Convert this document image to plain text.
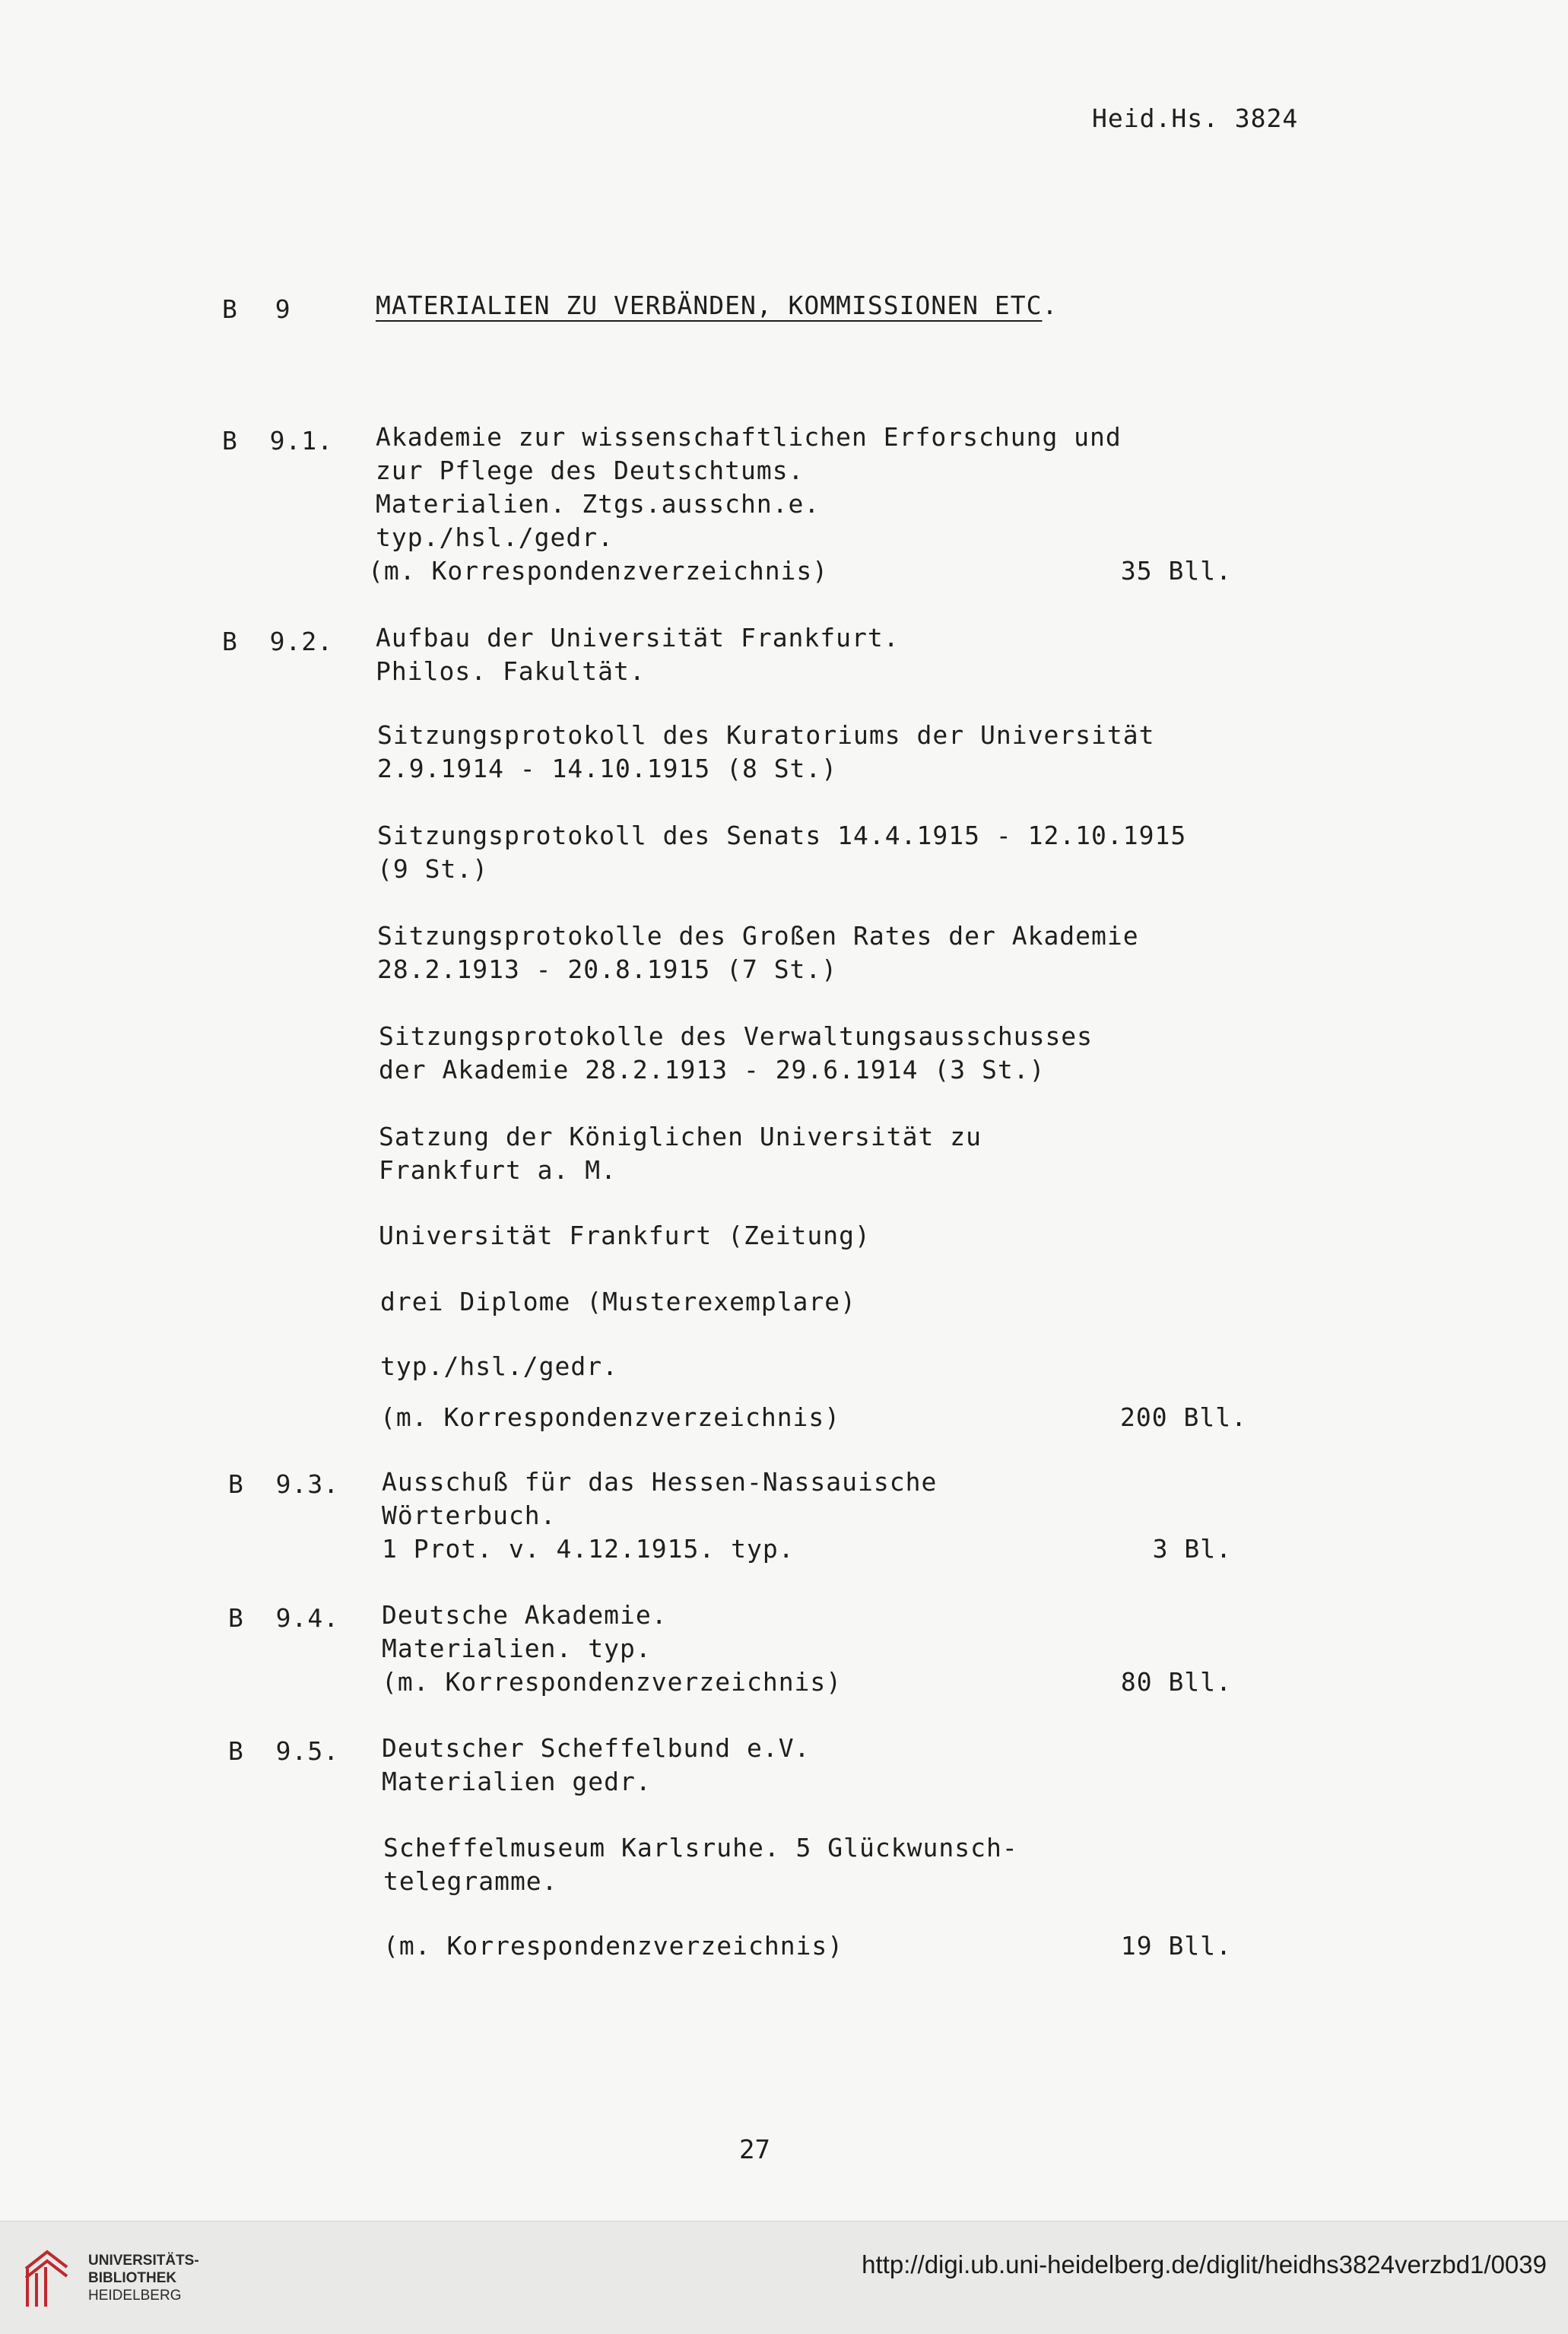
Heid.Hs. 3824
B 9	MATERIALIEN ZU VERBÄNDEN, KOMMISSIONEN ETC.
B  9.1. Akademie zur wissenschaftlichen Erforschung und
zur Pflege des Deutschtums.
Materialien. Ztgs.ausschn.e.
typ./hsl./gedr.
(m. Korrespondenzverzeichnis)	35 Bll.
B  9.2. Aufbau der Universität Frankfurt.
Philos. Fakultät.
Sitzungsprotokoll des Kuratoriums der Universität
2.9.1914 - 14.10.1915 (8 St.)
Sitzungsprotokoll des Senats 14.4.1915 - 12.10.1915
(9 St.)
Sitzungsprotokolle des Großen Rates der Akademie
28.2.1913 - 20.8.1915 (7 St.)
Sitzungsprotokolle des Verwaltungsausschusses
der Akademie 28.2.1913 - 29.6.1914 (3 St.)
Satzung der Königlichen Universität zu
Frankfurt a. M.
Universität Frankfurt (Zeitung)
drei Diplome (Musterexemplare)
typ./hsl./gedr.
(m. Korrespondenzverzeichnis)	200 Bll.
B  9.3. Ausschuß für das Hessen-Nassauische
Wörterbuch.
1 Prot. v. 4.12.1915. typ.	3 Bl.
B  9.4. Deutsche Akademie.
Materialien. typ.
(m. Korrespondenzverzeichnis)	80 Bll.
B  9.5. Deutscher Scheffelbund e.V.
Materialien gedr.
Scheffelmuseum Karlsruhe. 5 Glückwunsch-
telegramme.
(m. Korrespondenzverzeichnis)	19 Bll.
27
UNIVERSITÄTS-
BIBLIOTHEK
HEIDELBERG
http://digi.ub.uni-heidelberg.de/diglit/heidhs3824verzbd1/0039
